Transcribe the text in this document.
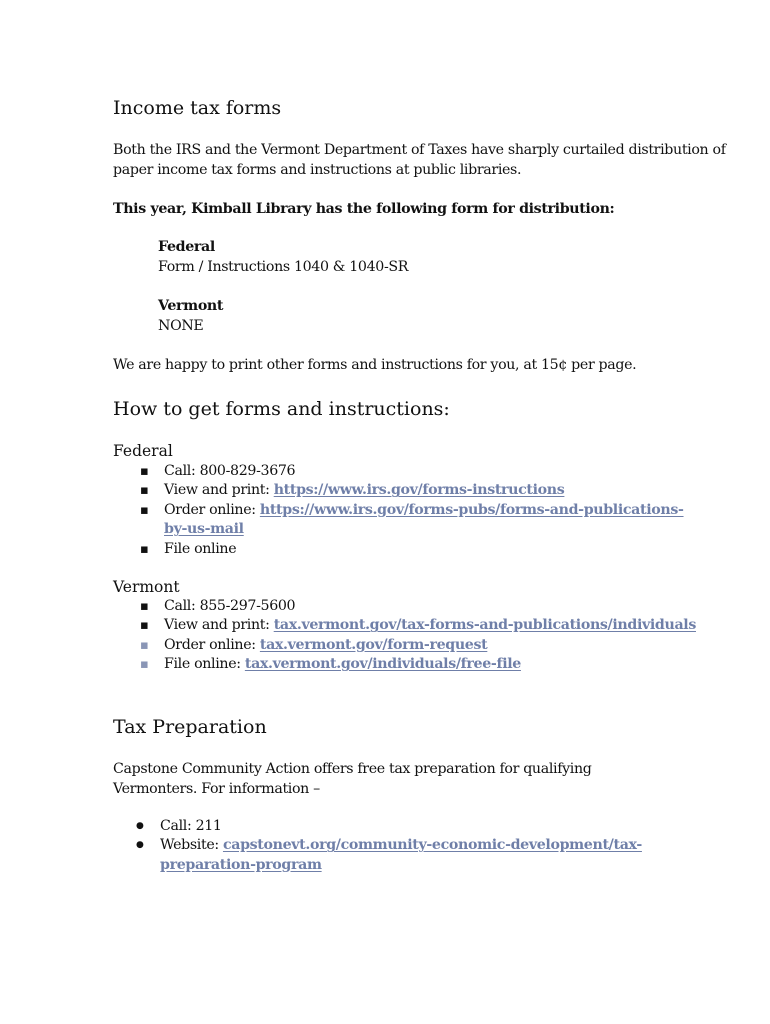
Income tax forms

Both the IRS and the Vermont Department of Taxes have sharply curtailed distribution of paper income tax forms and instructions at public libraries.

This year, Kimball Library has the following form for distribution:

Federal

Form / Instructions 1040 & 1040-SR

Vermont

NONE

We are happy to print other forms and instructions for you, at 15¢ per page.

How to get forms and instructions:

Federal

▪ Call: 800-829-3676
▪ View and print: https://www.irs.gov/forms-instructions
▪ Order online: https://www.irs.gov/forms-pubs/forms-and-publications-by-us-mail
▪ File online

Vermont

▪ Call: 855-297-5600
▪ View and print: tax.vermont.gov/tax-forms-and-publications/individuals
▪ Order online: tax.vermont.gov/form-request
▪ File online: tax.vermont.gov/individuals/free-file
Tax Preparation

Capstone Community Action offers free tax preparation for qualifying Vermonters. For information –

● Call: 211
● Website: capstonevt.org/community-economic-development/tax-preparation-program
